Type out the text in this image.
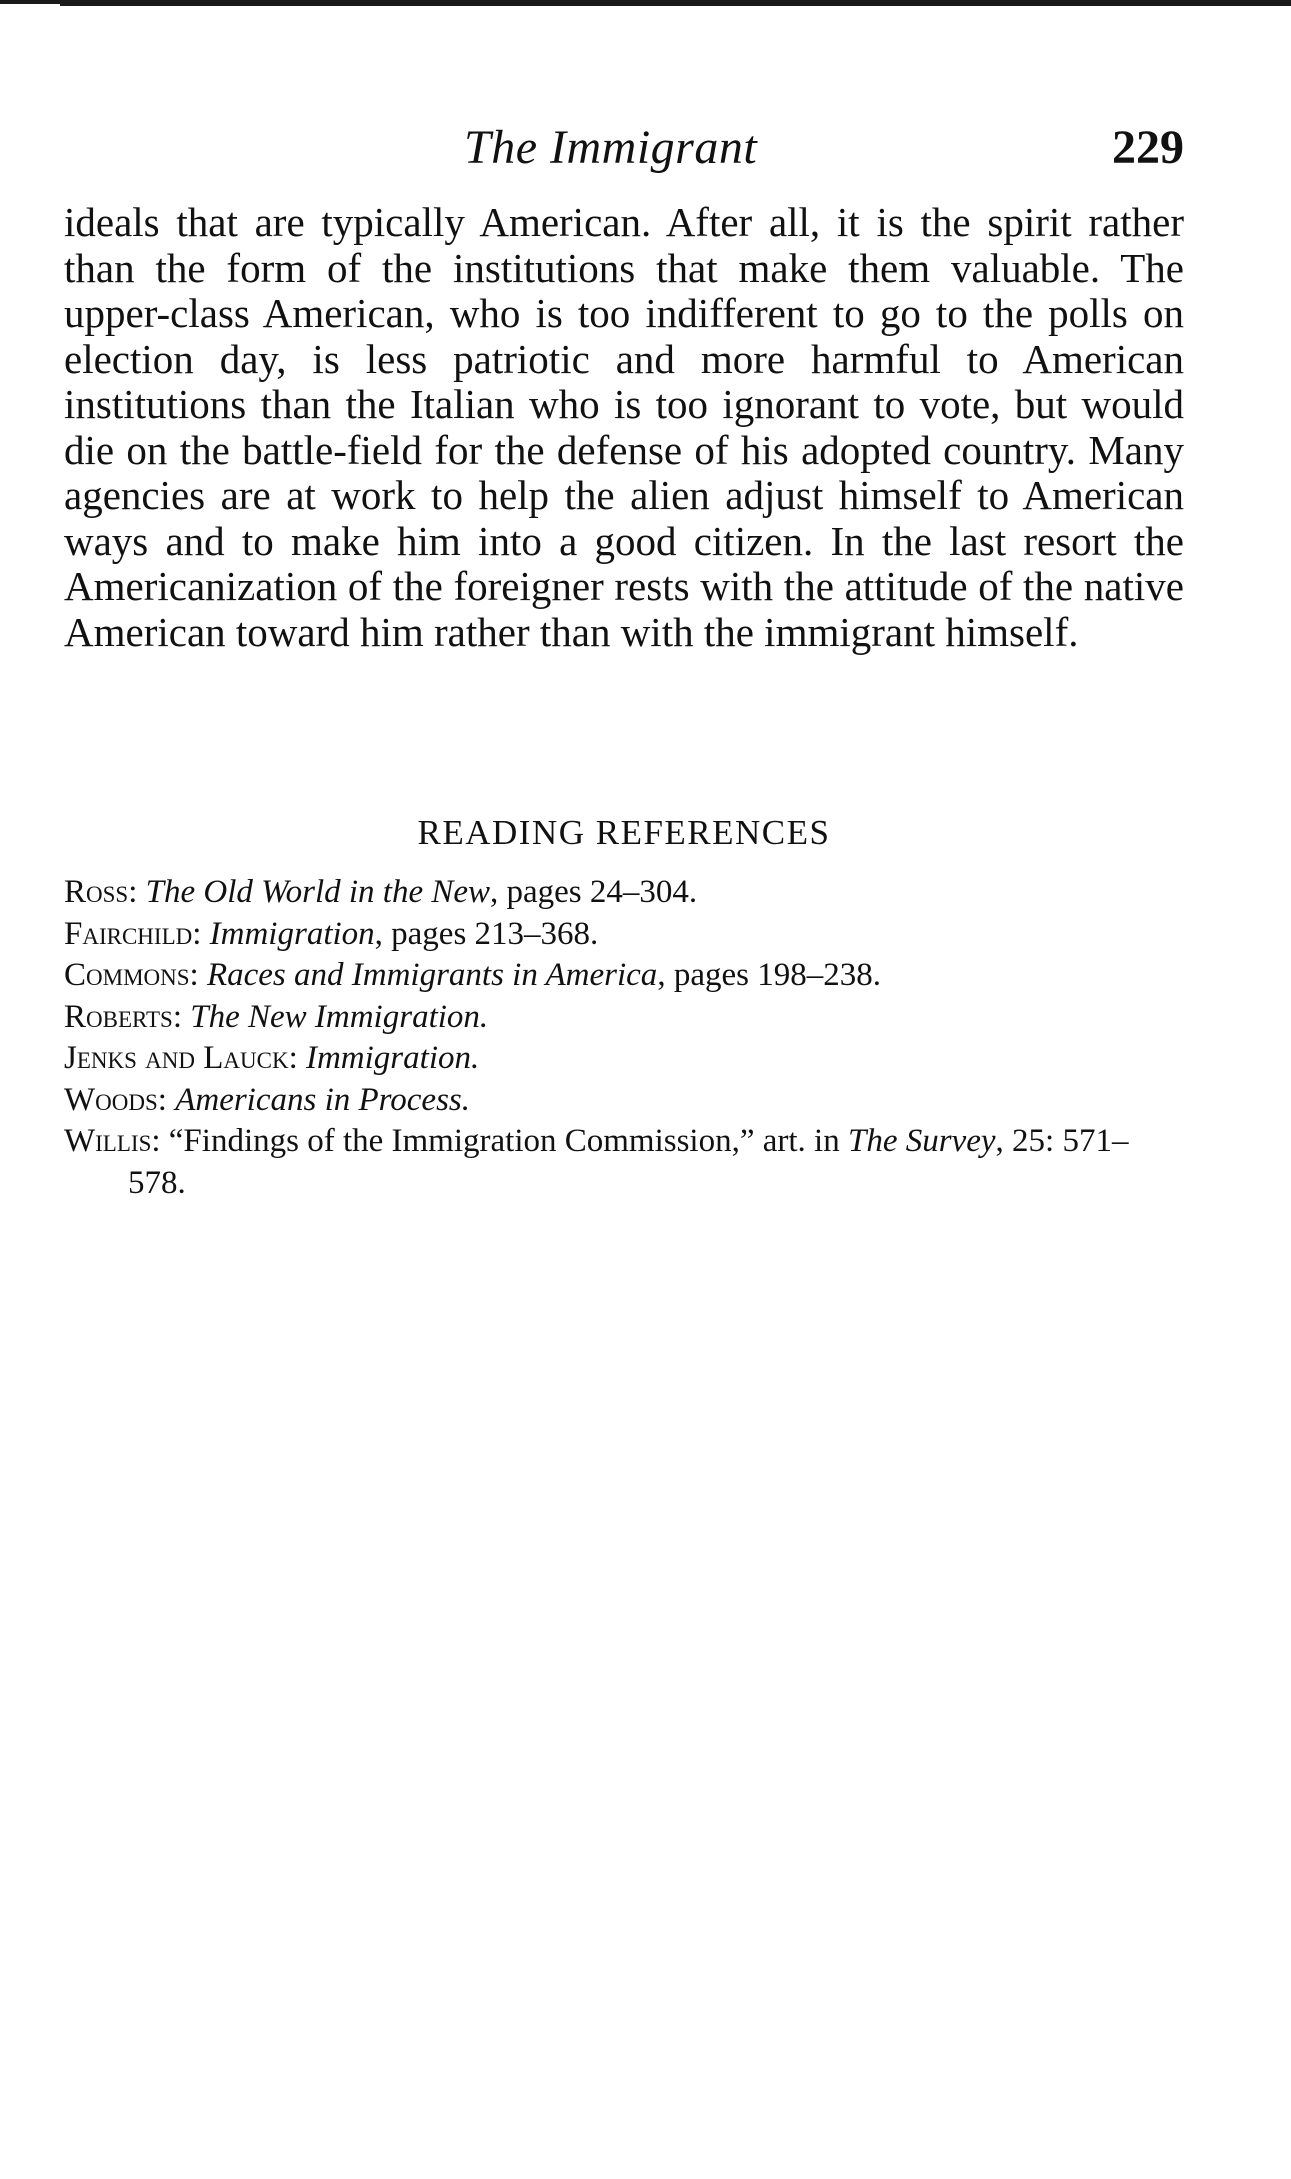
The Immigrant	229

ideals that are typically American. After all, it is the spirit rather than the form of the institutions that make them valuable. The upper-class American, who is too indifferent to go to the polls on election day, is less patriotic and more harmful to American institutions than the Italian who is too ignorant to vote, but would die on the battle-field for the defense of his adopted country. Many agencies are at work to help the alien adjust himself to American ways and to make him into a good citizen. In the last resort the Americanization of the foreigner rests with the attitude of the native American toward him rather than with the immigrant himself.

READING REFERENCES
Ross: The Old World in the New, pages 24–304.
Fairchild: Immigration, pages 213–368.
Commons: Races and Immigrants in America, pages 198–238.
Roberts: The New Immigration.
Jenks and Lauck: Immigration.
Woods: Americans in Process.
Willis: “Findings of the Immigration Commission,” art. in The Survey, 25: 571–578.
